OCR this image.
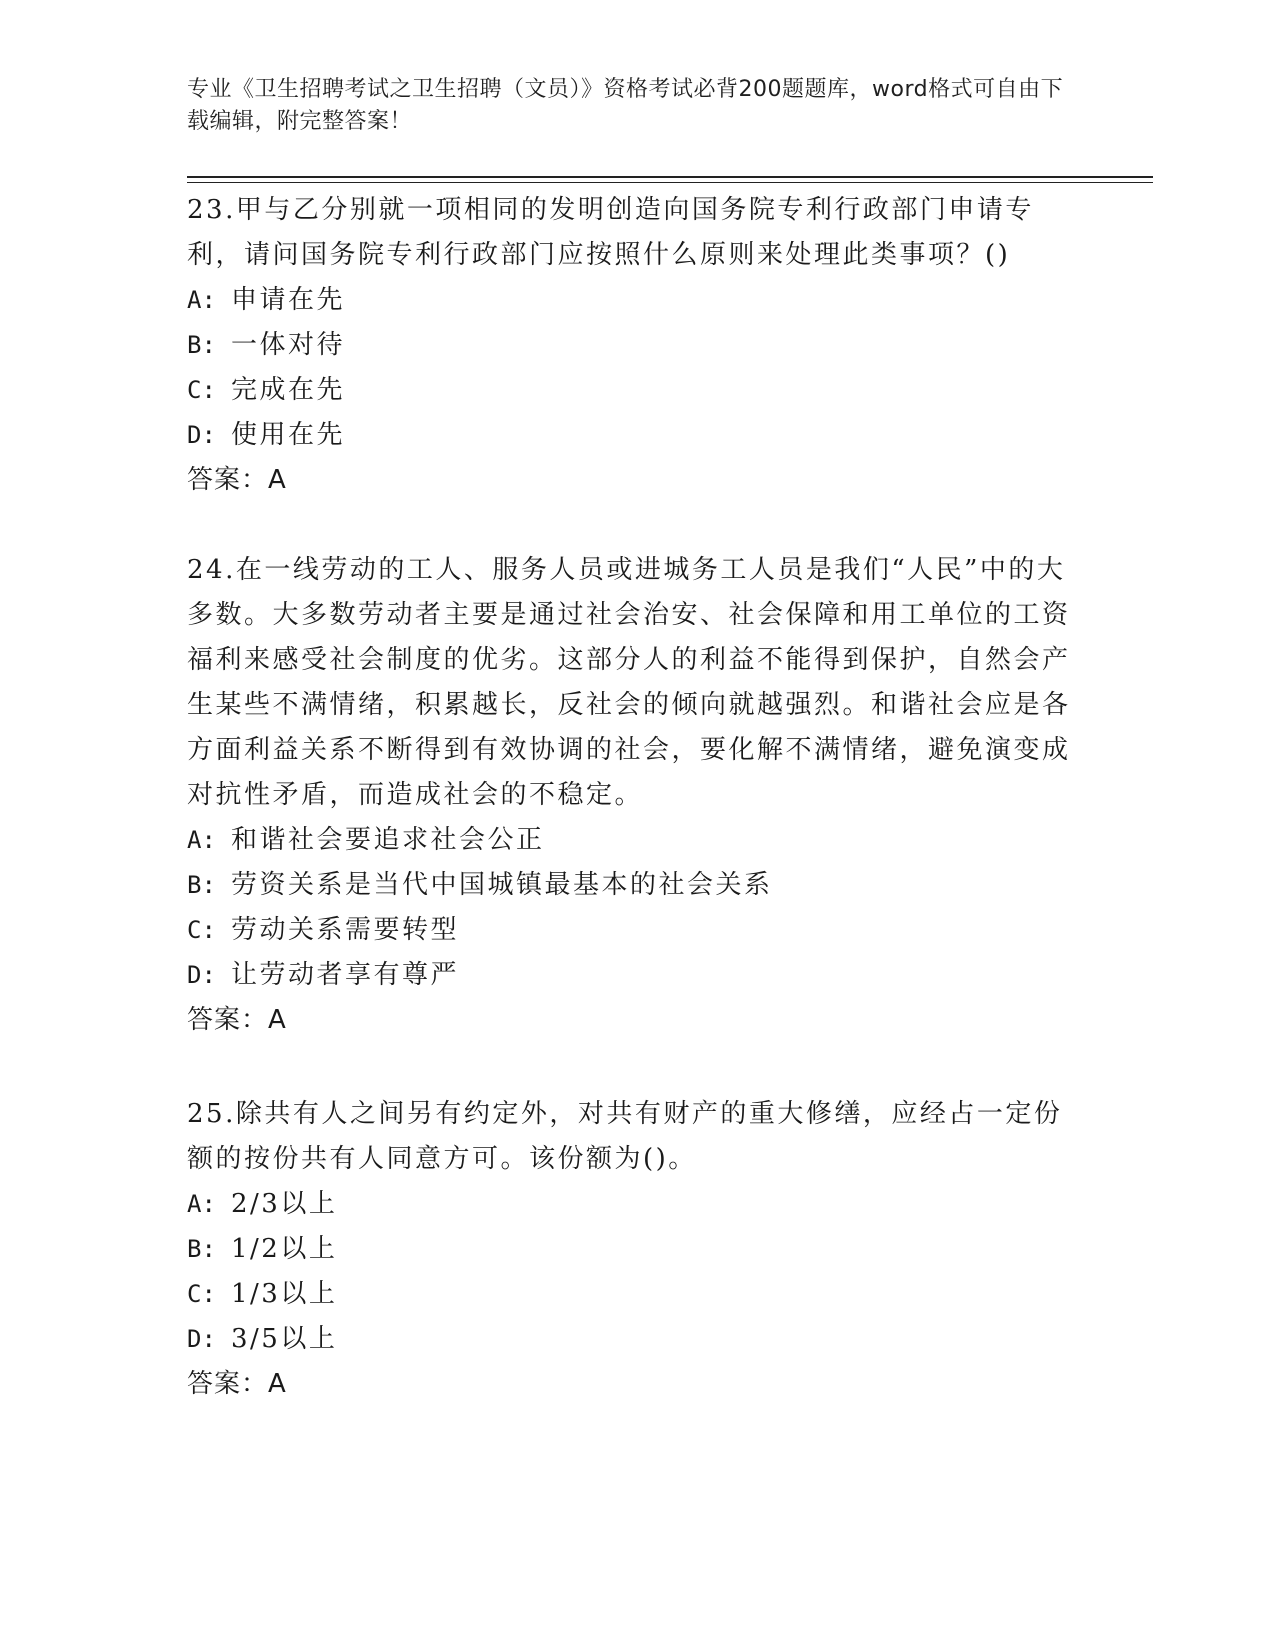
专业《卫生招聘考试之卫生招聘（文员）》资格考试必背200题题库，word格式可自由下载编辑，附完整答案！

23.甲与乙分别就一项相同的发明创造向国务院专利行政部门申请专利，请问国务院专利行政部门应按照什么原则来处理此类事项？()

A: 申请在先
B: 一体对待
C: 完成在先
D: 使用在先

答案：A

24.在一线劳动的工人、服务人员或进城务工人员是我们“人民”中的大多数。大多数劳动者主要是通过社会治安、社会保障和用工单位的工资福利来感受社会制度的优劣。这部分人的利益不能得到保护，自然会产生某些不满情绪，积累越长，反社会的倾向就越强烈。和谐社会应是各方面利益关系不断得到有效协调的社会，要化解不满情绪，避免演变成对抗性矛盾，而造成社会的不稳定。

A: 和谐社会要追求社会公正
B: 劳资关系是当代中国城镇最基本的社会关系
C: 劳动关系需要转型
D: 让劳动者享有尊严

答案：A

25.除共有人之间另有约定外，对共有财产的重大修缮，应经占一定份额的按份共有人同意方可。该份额为()。

A: 2/3以上
B: 1/2以上
C: 1/3以上
D: 3/5以上

答案：A
